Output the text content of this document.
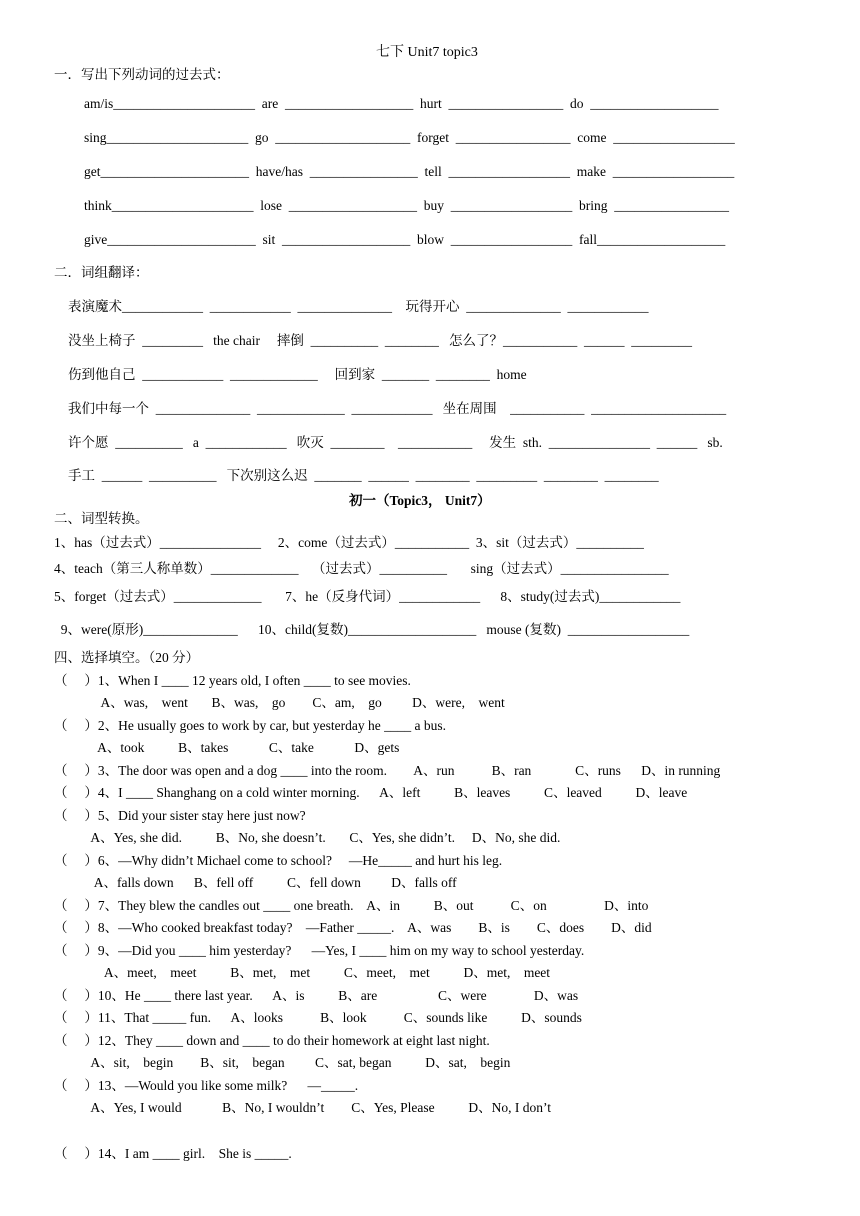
七下 Unit7 topic3
一．写出下列动词的过去式：
am/is_____________________  are  ___________________  hurt  _________________  do  ___________________
sing_____________________  go  ____________________  forget  _________________  come  __________________
get______________________  have/has  ________________  tell  __________________  make  __________________
think_____________________  lose  ___________________  buy  __________________  bring  _________________
give______________________  sit  ___________________  blow  __________________  fall___________________
二．词组翻译：
表演魔术____________  ____________  ______________    玩得开心  ______________  ____________
没坐上椅子  _________   the chair     摔倒  __________  ________   怎么了？___________  ______  _________
伤到他自己  ____________  _____________     回到家  _______  ________  home
我们中每一个  ______________  _____________  ____________   坐在周围    ___________  ____________________
许个愿  __________   a  ____________   吹灭  ________    ___________     发生  sth.  _______________  ______   sb.
手工  ______  __________   下次别这么迟  _______  ______  ________  _________  ________  ________
初一（Topic3， Unit7）
二、词型转换。
1、has（过去式）_______________     2、come（过去式）___________  3、sit（过去式）__________
4、teach（第三人称单数）_____________    （过去式）__________       sing（过去式）________________
5、forget（过去式）_____________       7、he（反身代词）____________      8、study(过去式)____________
9、were(原形)______________      10、child(复数)___________________   mouse (复数)  __________________
四、选择填空。（20 分）
（     ）1、When I ____ 12 years old, I often ____ to see movies.
A、was,    went       B、was,    go        C、am,    go         D、were,    went
（     ）2、He usually goes to work by car, but yesterday he ____ a bus.
A、took          B、takes            C、take            D、gets
（     ）3、The door was open and a dog ____ into the room.        A、run           B、ran             C、runs      D、in running
（     ）4、I ____ Shanghang on a cold winter morning.      A、left          B、leaves          C、leaved          D、leave
（     ）5、Did your sister stay here just now?
A、Yes, she did.          B、No, she doesn’t.       C、Yes, she didn’t.     D、No, she did.
（     ）6、—Why didn’t Michael come to school?     —He_____ and hurt his leg.
A、falls down      B、fell off          C、fell down         D、falls off
（     ）7、They blew the candles out ____ one breath.    A、in          B、out           C、on                 D、into
（     ）8、—Who cooked breakfast today?    —Father _____.    A、was        B、is        C、does        D、did
（     ）9、—Did you ____ him yesterday?      —Yes, I ____ him on my way to school yesterday.
A、meet,    meet          B、met,    met          C、meet,    met          D、met,    meet
（     ）10、He ____ there last year.      A、is          B、are                  C、were              D、was
（     ）11、That _____ fun.      A、looks           B、look           C、sounds like          D、sounds
（     ）12、They ____ down and ____ to do their homework at eight last night.
A、sit,    begin        B、sit,    began         C、sat, began          D、sat,    begin
（     ）13、—Would you like some milk?      —_____.
A、Yes, I would            B、No, I wouldn’t        C、Yes, Please          D、No, I don’t
（     ）14、I am ____ girl.    She is _____.
